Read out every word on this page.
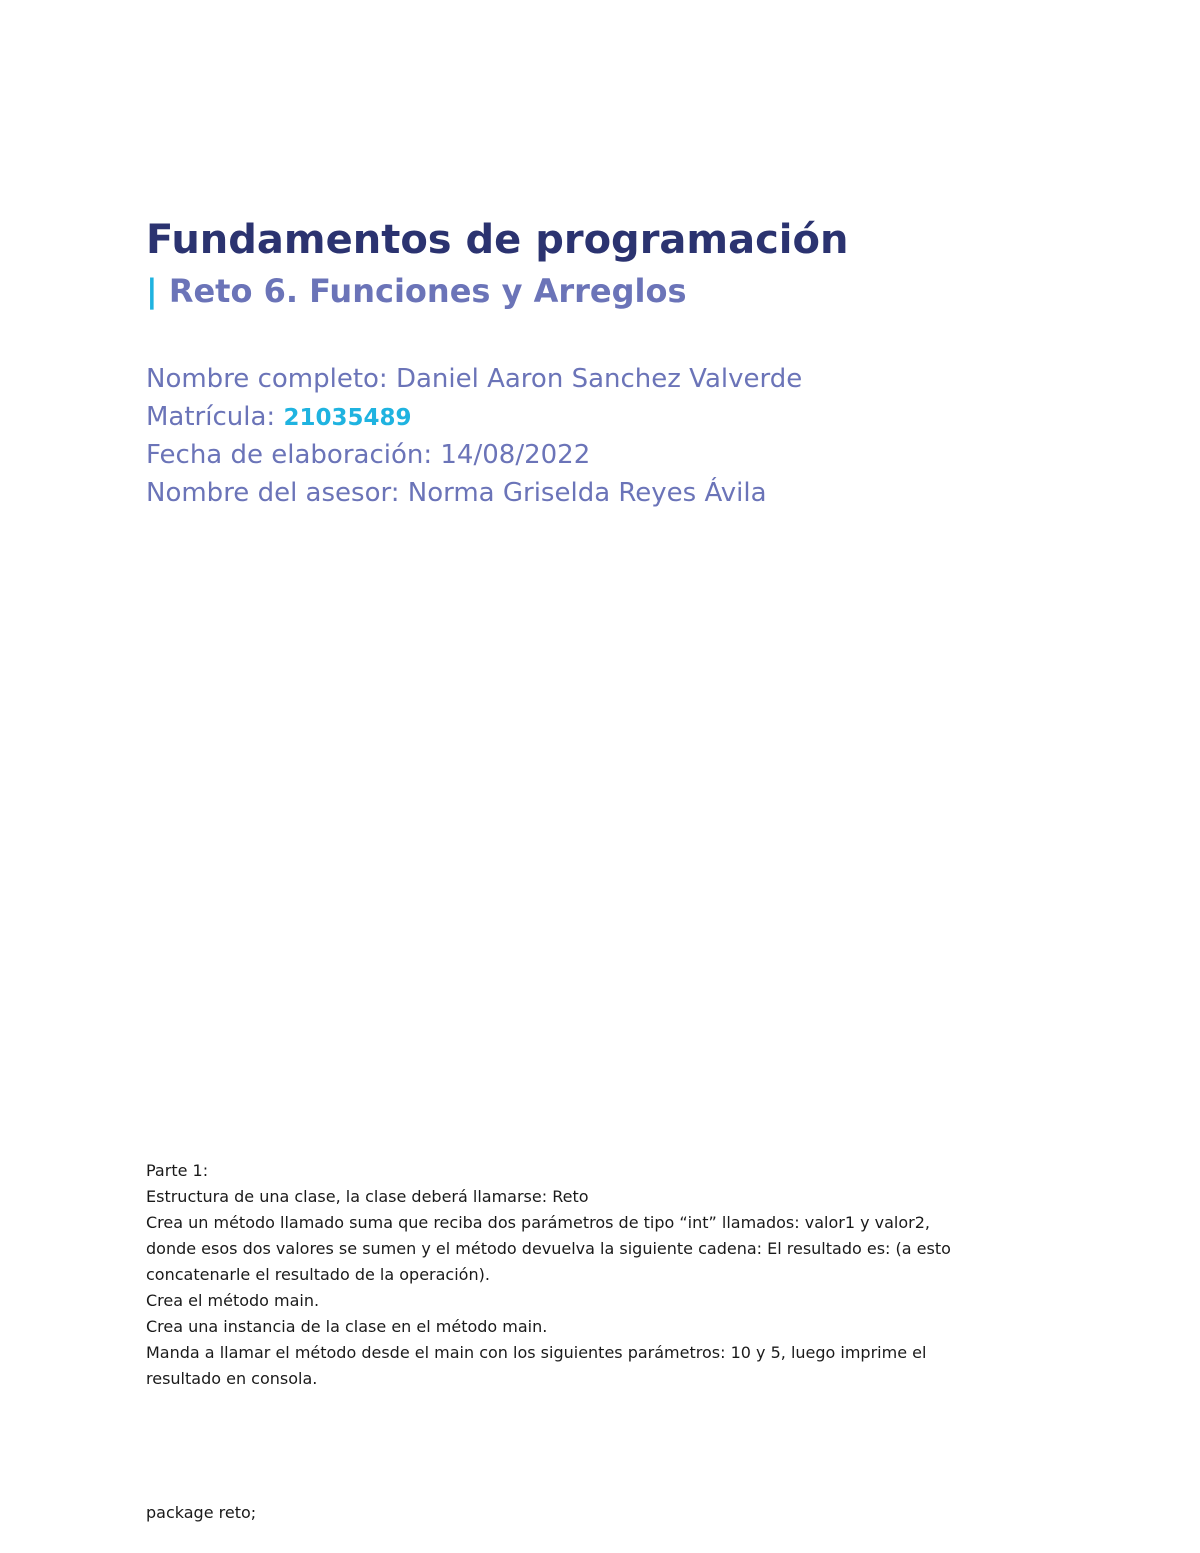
Fundamentos de programación
| Reto 6. Funciones y Arreglos
Nombre completo: Daniel Aaron Sanchez Valverde
Matrícula: 21035489
Fecha de elaboración: 14/08/2022
Nombre del asesor: Norma Griselda Reyes Ávila
Parte 1:
Estructura de una clase, la clase deberá llamarse: Reto
Crea un método llamado suma que reciba dos parámetros de tipo “int” llamados: valor1 y valor2,
donde esos dos valores se sumen y el método devuelva la siguiente cadena: El resultado es: (a esto
concatenarle el resultado de la operación).
Crea el método main.
Crea una instancia de la clase en el método main.
Manda a llamar el método desde el main con los siguientes parámetros: 10 y 5, luego imprime el
resultado en consola.
package reto;
